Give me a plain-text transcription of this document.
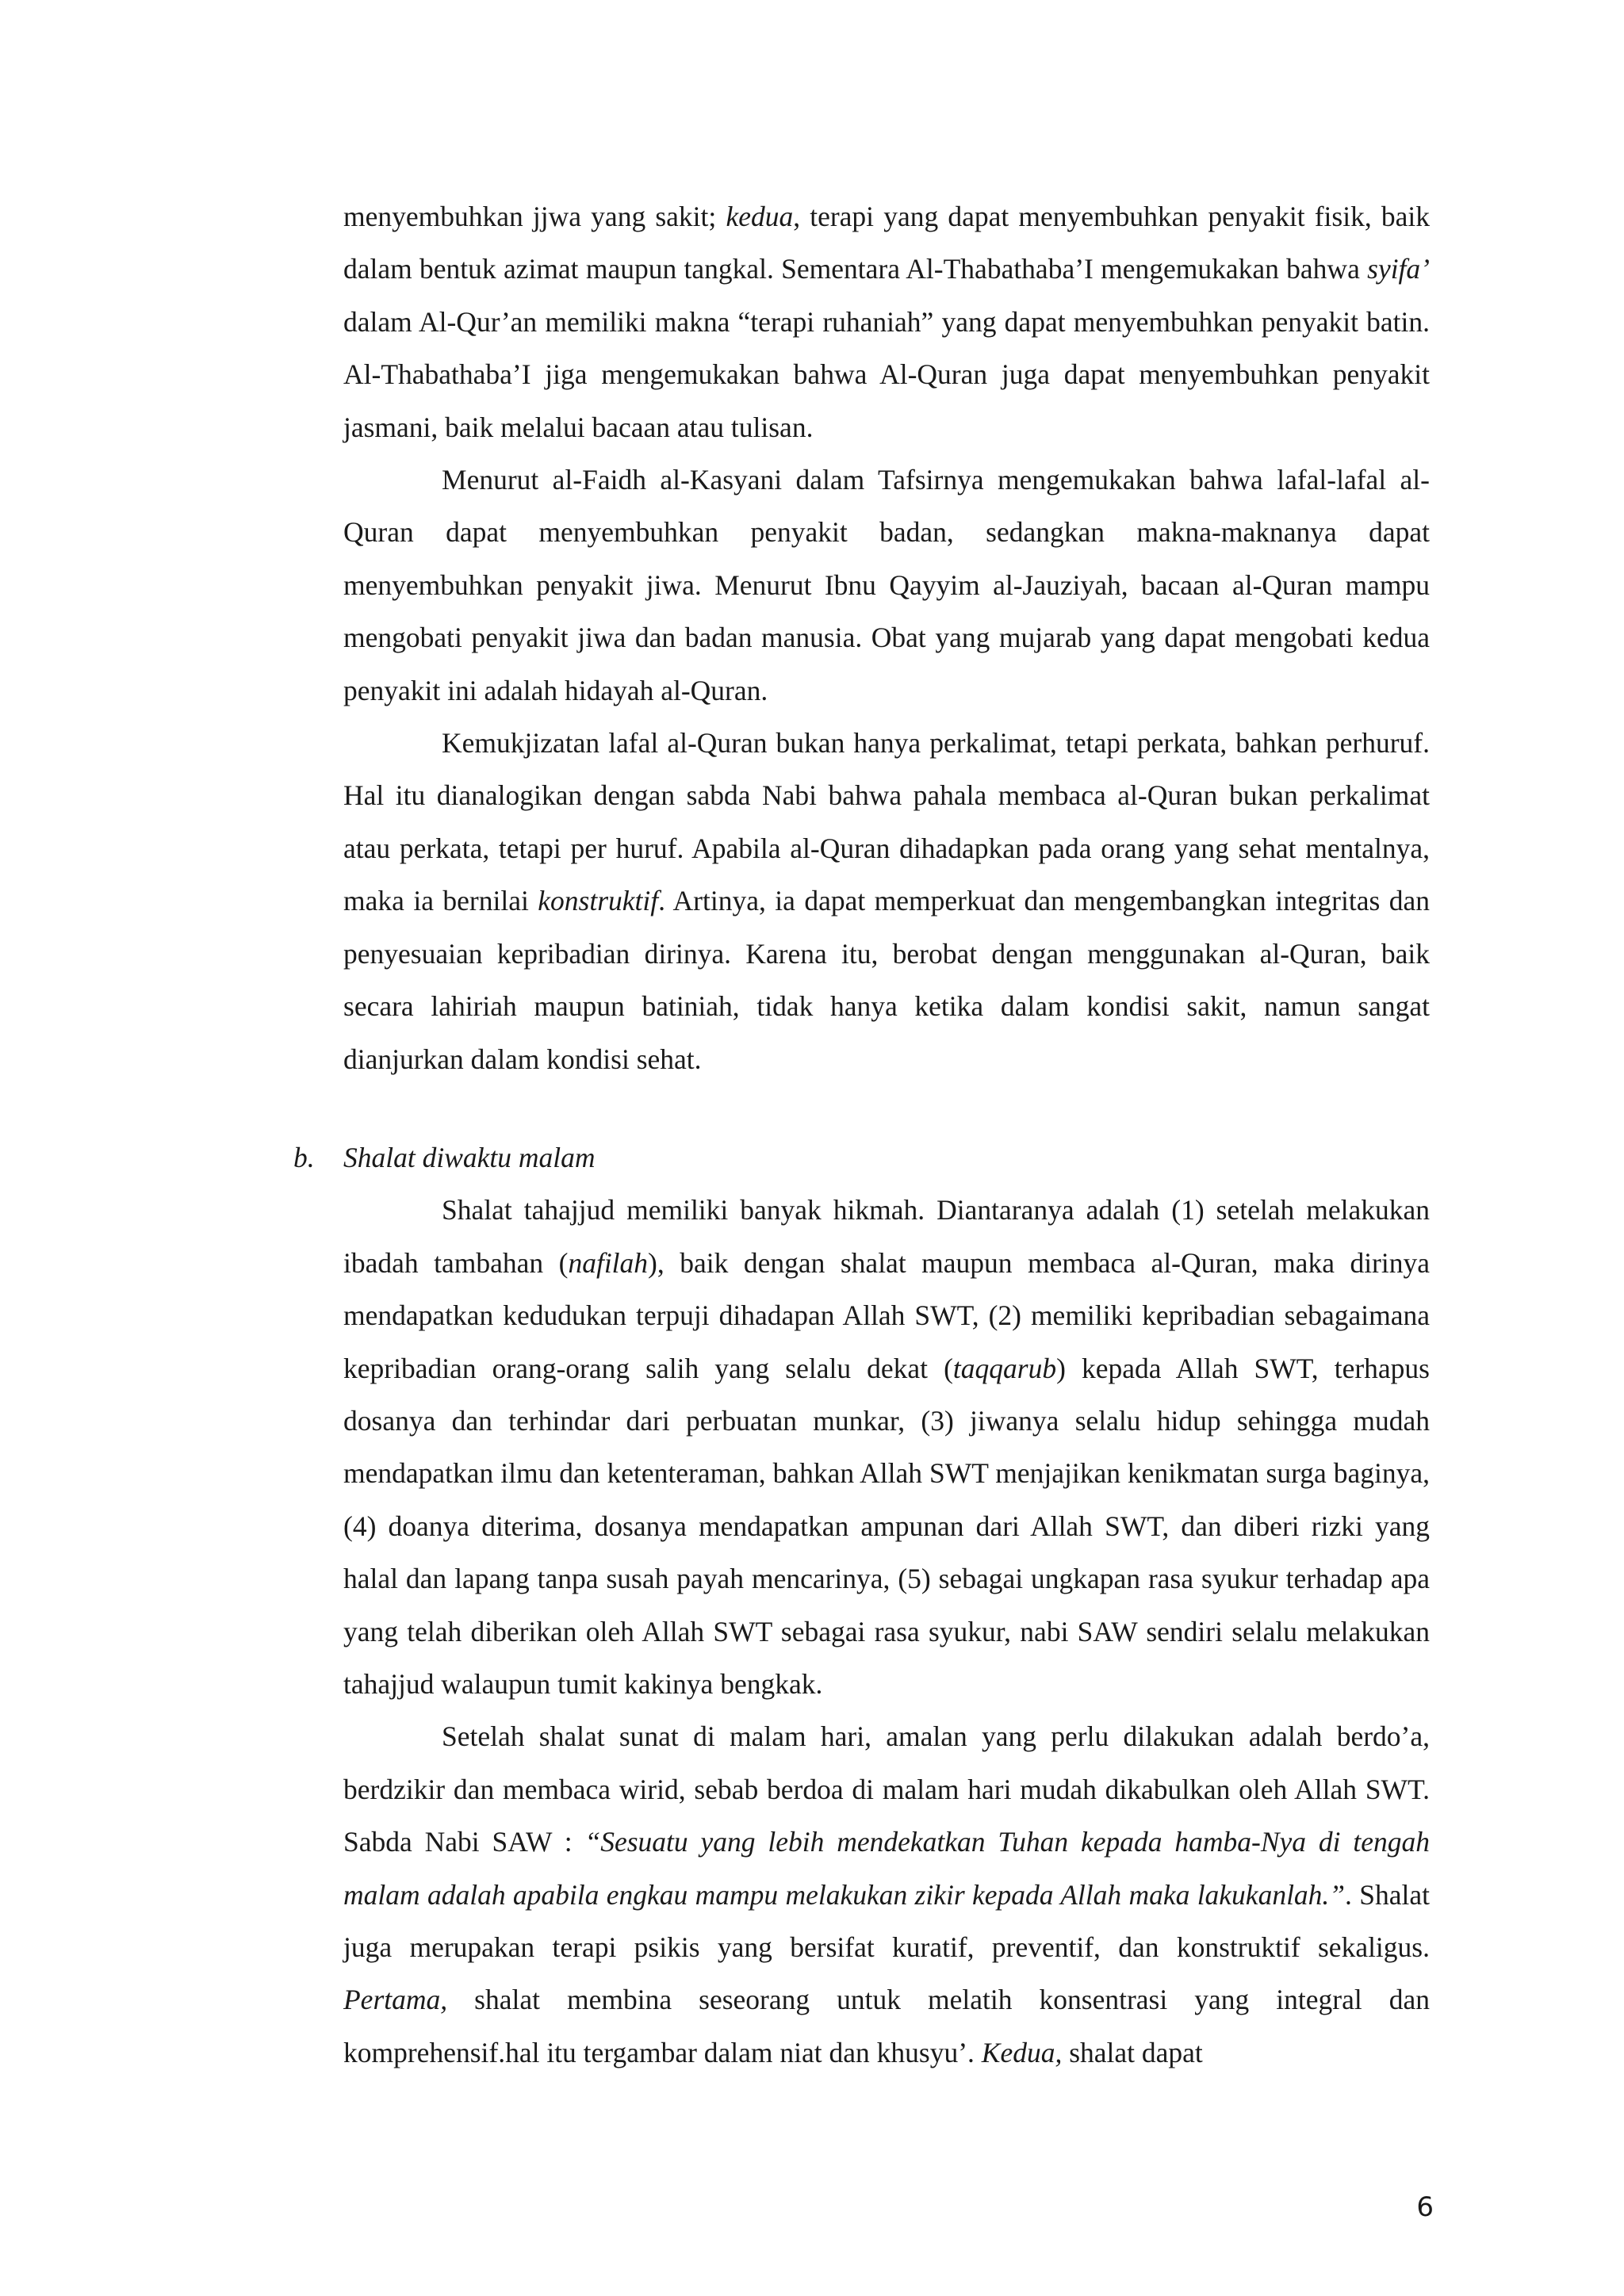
menyembuhkan jjwa yang sakit; kedua, terapi yang dapat menyembuhkan penyakit fisik, baik dalam bentuk azimat maupun tangkal. Sementara Al-Thabathaba’I mengemukakan bahwa syifa’ dalam Al-Qur’an memiliki makna “terapi ruhaniah” yang dapat menyembuhkan penyakit batin. Al-Thabathaba’I jiga mengemukakan bahwa Al-Quran juga dapat menyembuhkan penyakit jasmani, baik melalui bacaan atau tulisan.

Menurut al-Faidh al-Kasyani dalam Tafsirnya mengemukakan bahwa lafal-lafal al-Quran dapat menyembuhkan penyakit badan, sedangkan makna-maknanya dapat menyembuhkan penyakit jiwa. Menurut Ibnu Qayyim al-Jauziyah, bacaan al-Quran mampu mengobati penyakit jiwa dan badan manusia. Obat yang mujarab yang dapat mengobati kedua penyakit ini adalah hidayah al-Quran.

Kemukjizatan lafal al-Quran bukan hanya perkalimat, tetapi perkata, bahkan perhuruf. Hal itu dianalogikan dengan sabda Nabi bahwa pahala membaca al-Quran bukan perkalimat atau perkata, tetapi per huruf. Apabila al-Quran dihadapkan pada orang yang sehat mentalnya, maka ia bernilai konstruktif. Artinya, ia dapat memperkuat dan mengembangkan integritas dan penyesuaian kepribadian dirinya. Karena itu, berobat dengan menggunakan al-Quran, baik secara lahiriah maupun batiniah, tidak hanya ketika dalam kondisi sakit, namun sangat dianjurkan dalam kondisi sehat.

b. Shalat diwaktu malam

Shalat tahajjud memiliki banyak hikmah. Diantaranya adalah (1) setelah melakukan ibadah tambahan (nafilah), baik dengan shalat maupun membaca al-Quran, maka dirinya mendapatkan kedudukan terpuji dihadapan Allah SWT, (2) memiliki kepribadian sebagaimana kepribadian orang-orang salih yang selalu dekat (taqqarub) kepada Allah SWT, terhapus dosanya dan terhindar dari perbuatan munkar, (3) jiwanya selalu hidup sehingga mudah mendapatkan ilmu dan ketenteraman, bahkan Allah SWT menjajikan kenikmatan surga baginya, (4) doanya diterima, dosanya mendapatkan ampunan dari Allah SWT, dan diberi rizki yang halal dan lapang tanpa susah payah mencarinya, (5) sebagai ungkapan rasa syukur terhadap apa yang telah diberikan oleh Allah SWT sebagai rasa syukur, nabi SAW sendiri selalu melakukan tahajjud walaupun tumit kakinya bengkak.

Setelah shalat sunat di malam hari, amalan yang perlu dilakukan adalah berdo’a, berdzikir dan membaca wirid, sebab berdoa di malam hari mudah dikabulkan oleh Allah SWT. Sabda Nabi SAW : “Sesuatu yang lebih mendekatkan Tuhan kepada hamba-Nya di tengah malam adalah apabila engkau mampu melakukan zikir kepada Allah maka lakukanlah.”. Shalat juga merupakan terapi psikis yang bersifat kuratif, preventif, dan konstruktif sekaligus. Pertama, shalat membina seseorang untuk melatih konsentrasi yang integral dan komprehensif.hal itu tergambar dalam niat dan khusyu’. Kedua, shalat dapat

6
